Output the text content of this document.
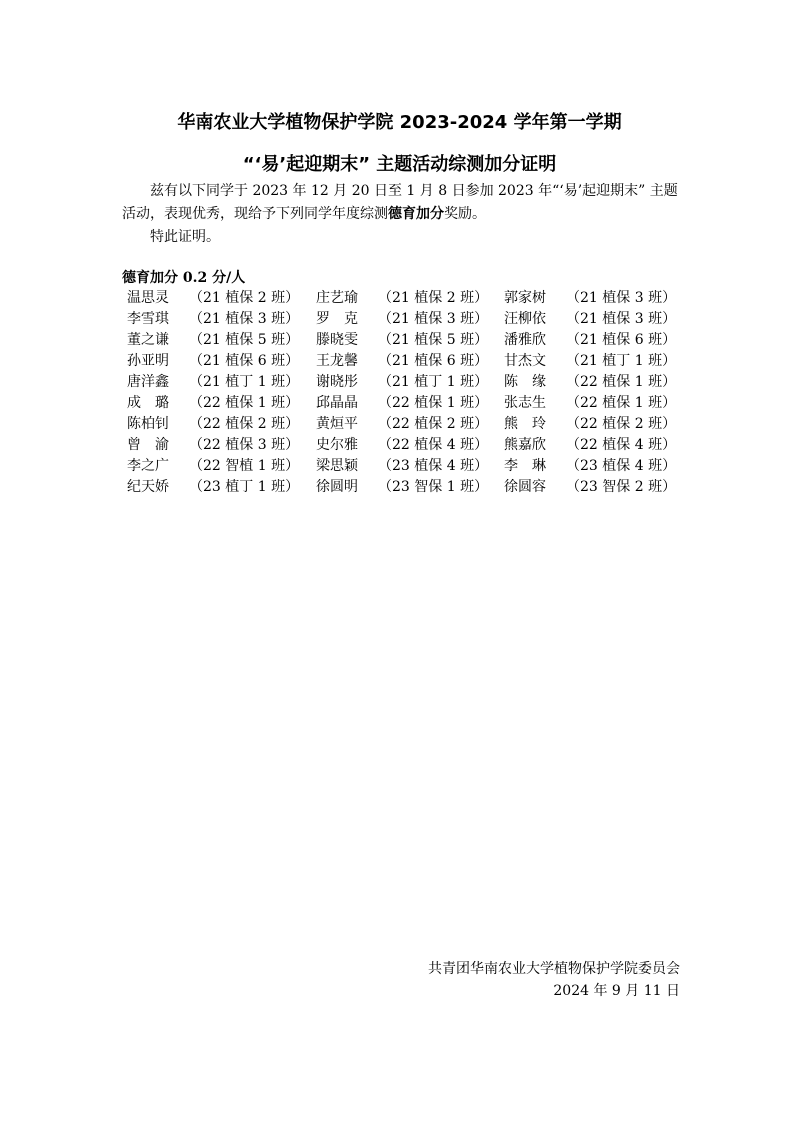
华南农业大学植物保护学院 2023-2024 学年第一学期
“‘易’起迎期末” 主题活动综测加分证明
兹有以下同学于 2023 年 12 月 20 日至 1 月 8 日参加 2023 年“‘易’起迎期末” 主题活动，表现优秀，现给予下列同学年度综测德育加分奖励。
特此证明。
德育加分 0.2 分/人
温思灵 （21 植保 2 班） 庄艺瑜 （21 植保 2 班） 郭家树 （21 植保 3 班）
李雪琪 （21 植保 3 班） 罗　克 （21 植保 3 班） 汪柳依 （21 植保 3 班）
董之谦 （21 植保 5 班） 滕晓雯 （21 植保 5 班） 潘雅欣 （21 植保 6 班）
孙亚明 （21 植保 6 班） 王龙馨 （21 植保 6 班） 甘杰文 （21 植丁 1 班）
唐洋鑫 （21 植丁 1 班） 谢晓彤 （21 植丁 1 班） 陈　缘 （22 植保 1 班）
成　璐 （22 植保 1 班） 邱晶晶 （22 植保 1 班） 张志生 （22 植保 1 班）
陈柏钊 （22 植保 2 班） 黄烜平 （22 植保 2 班） 熊　玲 （22 植保 2 班）
曾　渝 （22 植保 3 班） 史尔雅 （22 植保 4 班） 熊嘉欣 （22 植保 4 班）
李之广 （22 智植 1 班） 梁思颖 （23 植保 4 班） 李　琳 （23 植保 4 班）
纪天娇 （23 植丁 1 班） 徐圆明 （23 智保 1 班） 徐圆容 （23 智保 2 班）
共青团华南农业大学植物保护学院委员会
2024 年 9 月 11 日
